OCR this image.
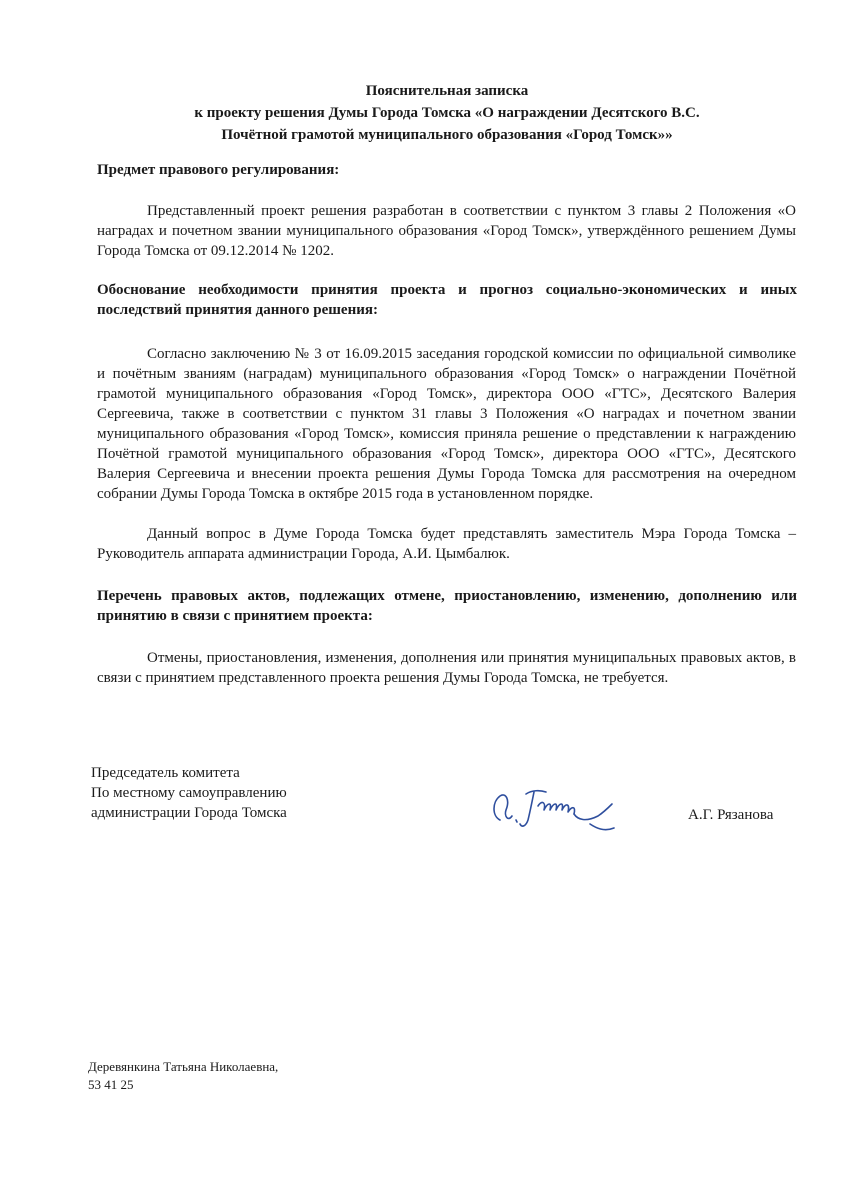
Пояснительная записка
к проекту решения Думы Города Томска «О награждении Десятского В.С.
Почётной грамотой муниципального образования «Город Томск»»
Предмет правового регулирования:
Представленный проект решения разработан в соответствии с пунктом 3 главы 2 Положения «О наградах и почетном звании муниципального образования «Город Томск», утверждённого решением Думы Города Томска от 09.12.2014 № 1202.
Обоснование необходимости принятия проекта и прогноз социально-экономических и иных последствий принятия данного решения:
Согласно заключению № 3 от 16.09.2015 заседания городской комиссии по официальной символике и почётным званиям (наградам) муниципального образования «Город Томск» о награждении Почётной грамотой муниципального образования «Город Томск», директора ООО «ГТС», Десятского Валерия Сергеевича, также в соответствии с пунктом 31 главы 3 Положения «О наградах и почетном звании муниципального образования «Город Томск», комиссия приняла решение о представлении к награждению Почётной грамотой муниципального образования «Город Томск», директора ООО «ГТС», Десятского Валерия Сергеевича и внесении проекта решения Думы Города Томска для рассмотрения на очередном собрании Думы Города Томска в октябре 2015 года в установленном порядке.
Данный вопрос в Думе Города Томска будет представлять заместитель Мэра Города Томска – Руководитель аппарата администрации Города, А.И. Цымбалюк.
Перечень правовых актов, подлежащих отмене, приостановлению, изменению, дополнению или принятию в связи с принятием проекта:
Отмены, приостановления, изменения, дополнения или принятия муниципальных правовых актов, в связи с принятием представленного проекта решения Думы Города Томска, не требуется.
Председатель комитета
По местному самоуправлению
администрации Города Томска	А.Г. Рязанова
Деревянкина Татьяна Николаевна,
53 41 25
